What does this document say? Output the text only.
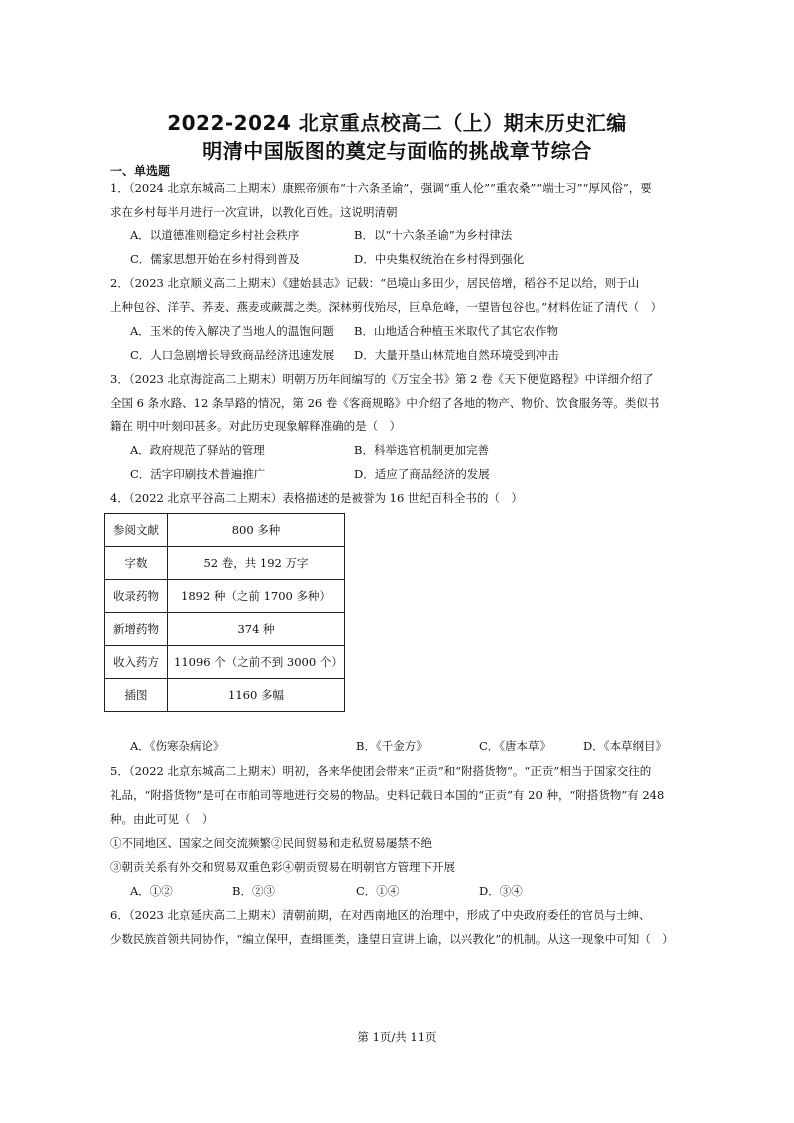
2022-2024 北京重点校高二（上）期末历史汇编
明清中国版图的奠定与面临的挑战章节综合
一、单选题
1．（2024 北京东城高二上期末）康熙帝颁布“十六条圣谕”，强调“重人伦”“重农桑”“端士习”“厚风俗”，要
求在乡村每半月进行一次宣讲，以教化百姓。这说明清朝
A．以道德准则稳定乡村社会秩序	B．以“十六条圣谕”为乡村律法
C．儒家思想开始在乡村得到普及	D．中央集权统治在乡村得到强化
2．（2023 北京顺义高二上期末）《建始县志》记载：“邑境山多田少，居民倍增，稻谷不足以给，则于山
上种包谷、洋芋、荞麦、燕麦或蕨蒿之类。深林剪伐殆尽，巨阜危峰，一望皆包谷也。”材料佐证了清代（　）
A．玉米的传入解决了当地人的温饱问题 B．山地适合种植玉米取代了其它农作物
C．人口急剧增长导致商品经济迅速发展 D．大量开垦山林荒地自然环境受到冲击
3．（2023 北京海淀高二上期末）明朝万历年间编写的《万宝全书》第 2 卷《天下便览路程》中详细介绍了
全国 6 条水路、12 条旱路的情况，第 26 卷《客商规略》中介绍了各地的物产、物价、饮食服务等。类似书
籍在 明中叶刻印甚多。对此历史现象解释准确的是（　）
A．政府规范了驿站的管理	B．科举选官机制更加完善
C．活字印刷技术普遍推广	D．适应了商品经济的发展
4．（2022 北京平谷高二上期末）表格描述的是被誉为 16 世纪百科全书的（　）
参阅文献	800 多种
字数	52 卷，共 192 万字
收录药物	1892 种（之前 1700 多种）
新增药物	374 种
收入药方	11096 个（之前不到 3000 个）
插图	1160 多幅
A．《伤寒杂病论》	B．《千金方》	C．《唐本草》	D．《本草纲目》
5．（2022 北京东城高二上期末）明初，各来华使团会带来“正贡”和“附搭货物”。“正贡”相当于国家交往的
礼品，“附搭货物”是可在市舶司等地进行交易的物品。史料记载日本国的“正贡”有 20 种，“附搭货物”有 248
种。由此可见（　）
①不同地区、国家之间交流频繁②民间贸易和走私贸易屡禁不绝
③朝贡关系有外交和贸易双重色彩④朝贡贸易在明朝官方管理下开展
A．①②	B．②③	C．①④	D．③④
6．（2023 北京延庆高二上期末）清朝前期，在对西南地区的治理中，形成了中央政府委任的官员与士绅、
少数民族首领共同协作，“编立保甲，查缉匪类，逢望日宣讲上谕，以兴教化”的机制。从这一现象中可知（　）
第 1页/共 11页
